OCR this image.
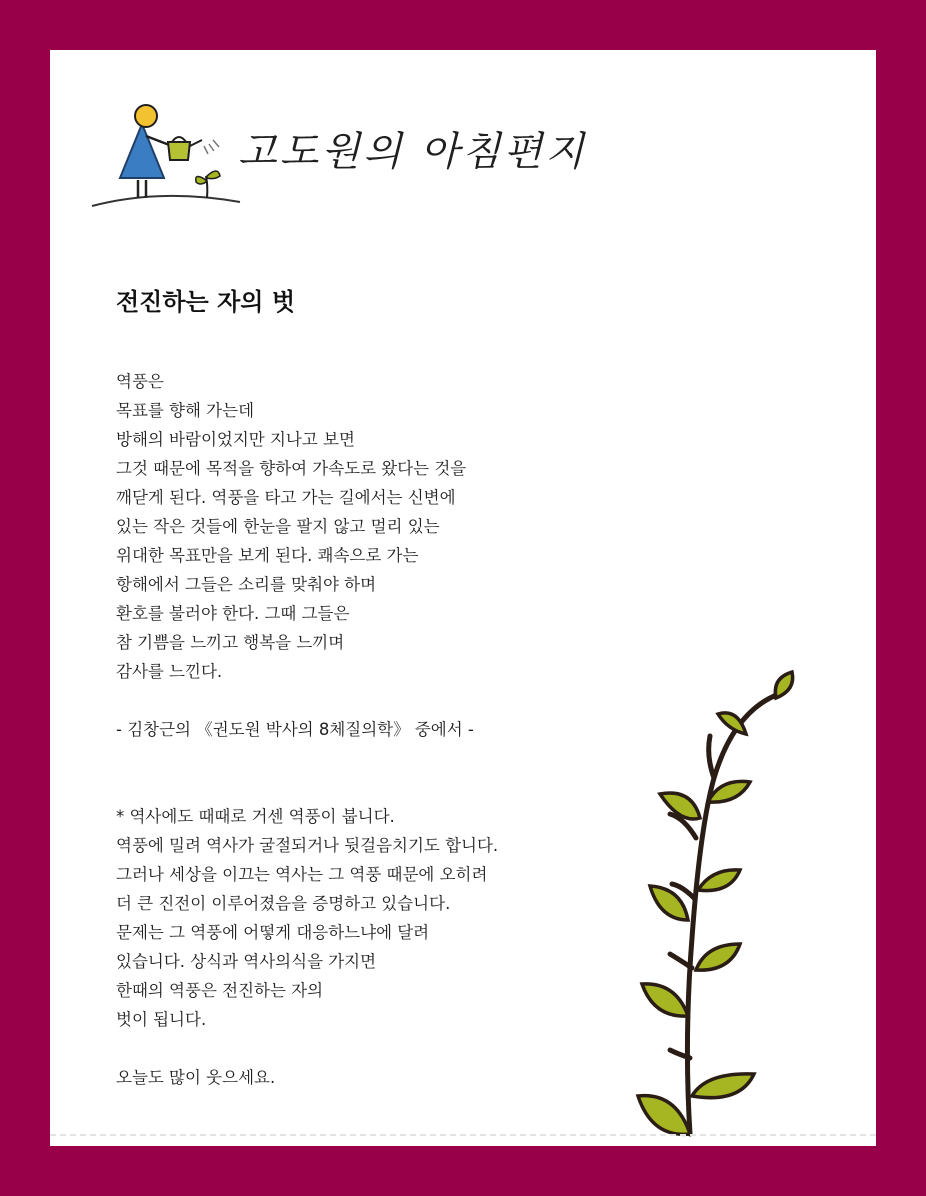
고도원의 아침편지
전진하는 자의 벗
역풍은
목표를 향해 가는데
방해의 바람이었지만 지나고 보면
그것 때문에 목적을 향하여 가속도로 왔다는 것을
깨닫게 된다. 역풍을 타고 가는 길에서는 신변에
있는 작은 것들에 한눈을 팔지 않고 멀리 있는
위대한 목표만을 보게 된다. 쾌속으로 가는
항해에서 그들은 소리를 맞춰야 하며
환호를 불러야 한다. 그때 그들은
참 기쁨을 느끼고 행복을 느끼며
감사를 느낀다.
- 김창근의 《권도원 박사의 8체질의학》 중에서 -
* 역사에도 때때로 거센 역풍이 붑니다.
역풍에 밀려 역사가 굴절되거나 뒷걸음치기도 합니다.
그러나 세상을 이끄는 역사는 그 역풍 때문에 오히려
더 큰 진전이 이루어졌음을 증명하고 있습니다.
문제는 그 역풍에 어떻게 대응하느냐에 달려
있습니다. 상식과 역사의식을 가지면
한때의 역풍은 전진하는 자의
벗이 됩니다.
오늘도 많이 웃으세요.
